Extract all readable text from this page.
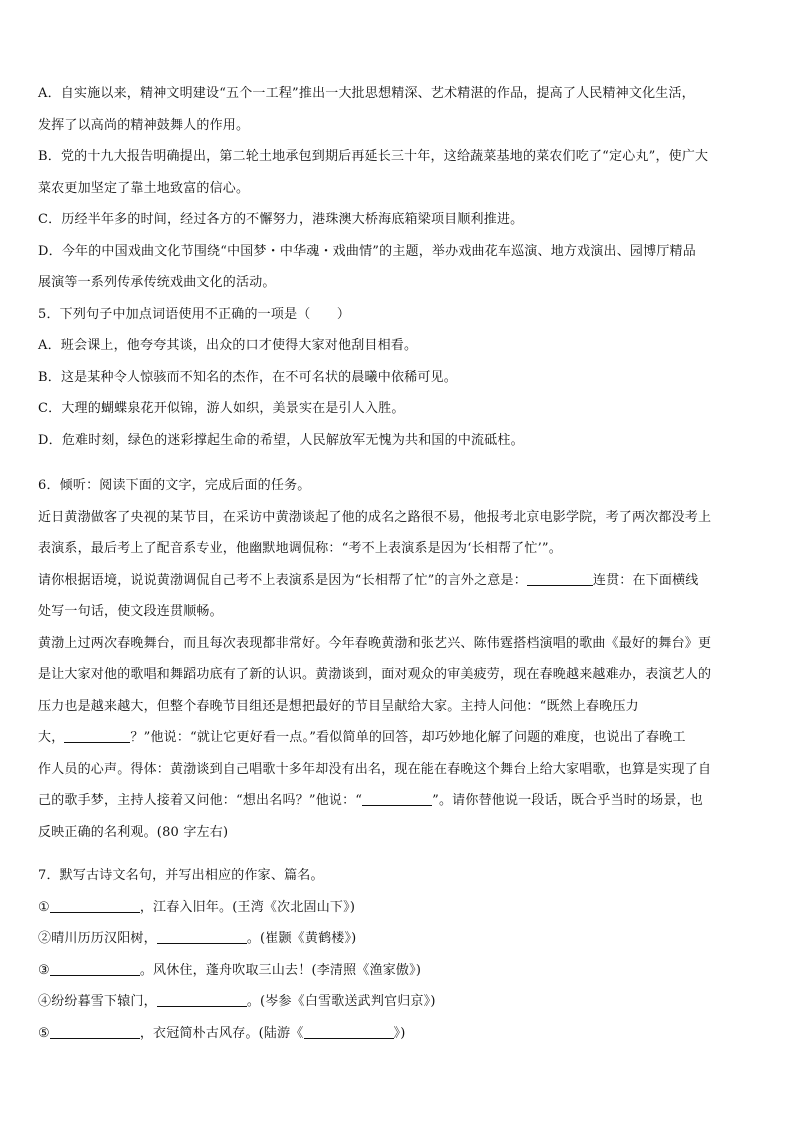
A．自实施以来，精神文明建设“五个一工程”推出一大批思想精深、艺术精湛的作品，提高了人民精神文化生活，

发挥了以高尚的精神鼓舞人的作用。

B．党的十九大报告明确提出，第二轮土地承包到期后再延长三十年，这给蔬菜基地的菜农们吃了“定心丸”，使广大

菜农更加坚定了靠土地致富的信心。

C．历经半年多的时间，经过各方的不懈努力，港珠澳大桥海底箱梁项目顺利推进。

D．今年的中国戏曲文化节围绕“中国梦・中华魂・戏曲情”的主题，举办戏曲花车巡演、地方戏演出、园博厅精品

展演等一系列传承传统戏曲文化的活动。

5．下列句子中加点词语使用不正确的一项是（　　）

A．班会课上，他夸夸其谈，出众的口才使得大家对他刮目相看。

B．这是某种令人惊骇而不知名的杰作，在不可名状的晨曦中依稀可见。

C．大理的蝴蝶泉花开似锦，游人如织，美景实在是引人入胜。

D．危难时刻，绿色的迷彩撑起生命的希望，人民解放军无愧为共和国的中流砥柱。

6．倾听：阅读下面的文字，完成后面的任务。

近日黄渤做客了央视的某节目，在采访中黄渤谈起了他的成名之路很不易，他报考北京电影学院，考了两次都没考上

表演系，最后考上了配音系专业，他幽默地调侃称：“考不上表演系是因为‘长相帮了忙’”。

请你根据语境，说说黄渤调侃自己考不上表演系是因为“长相帮了忙”的言外之意是：	连贯：在下面横线

处写一句话，使文段连贯顺畅。

黄渤上过两次春晚舞台，而且每次表现都非常好。今年春晚黄渤和张艺兴、陈伟霆搭档演唱的歌曲《最好的舞台》更

是让大家对他的歌唱和舞蹈功底有了新的认识。黄渤谈到，面对观众的审美疲劳，现在春晚越来越难办，表演艺人的

压力也是越来越大，但整个春晚节目组还是想把最好的节目呈献给大家。主持人问他：“既然上春晚压力

大，	？”他说：“就让它更好看一点。”看似简单的回答，却巧妙地化解了问题的难度，也说出了春晚工

作人员的心声。得体：黄渤谈到自己唱歌十多年却没有出名，现在能在春晚这个舞台上给大家唱歌，也算是实现了自

己的歌手梦，主持人接着又问他：“想出名吗？”他说：“	”。请你替他说一段话，既合乎当时的场景，也

反映正确的名利观。(80 字左右)

7．默写古诗文名句，并写出相应的作家、篇名。

①	，江春入旧年。(王湾《次北固山下》)

②晴川历历汉阳树，	。(崔颢《黄鹤楼》)

③	。风休住，蓬舟吹取三山去！(李清照《渔家傲》)

④纷纷暮雪下辕门，	。(岑参《白雪歌送武判官归京》)

⑤	，衣冠简朴古风存。(陆游《	》)
